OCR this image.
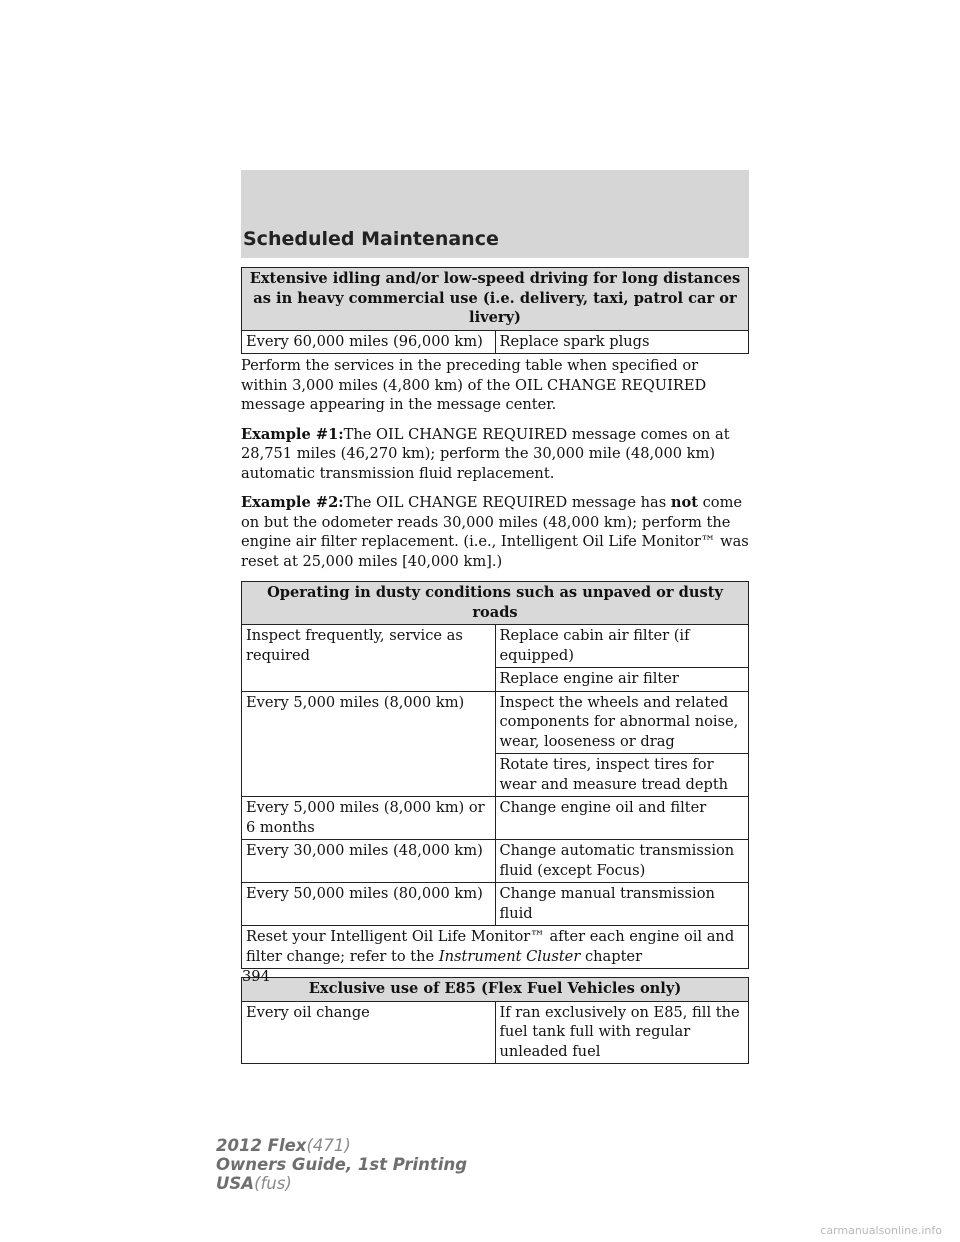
Scheduled Maintenance
Extensive idling and/or low-speed driving for long distances as in heavy commercial use (i.e. delivery, taxi, patrol car or livery)
Every 60,000 miles (96,000 km)	Replace spark plugs

Perform the services in the preceding table when specified or within 3,000 miles (4,800 km) of the OIL CHANGE REQUIRED message appearing in the message center.

Example #1:The OIL CHANGE REQUIRED message comes on at 28,751 miles (46,270 km); perform the 30,000 mile (48,000 km) automatic transmission fluid replacement.

Example #2:The OIL CHANGE REQUIRED message has not come on but the odometer reads 30,000 miles (48,000 km); perform the engine air filter replacement. (i.e., Intelligent Oil Life Monitor™ was reset at 25,000 miles [40,000 km].)

Operating in dusty conditions such as unpaved or dusty roads	
Inspect frequently, service as required	Replace cabin air filter (if equipped)
	Replace engine air filter
Every 5,000 miles (8,000 km)	Inspect the wheels and related components for abnormal noise, wear, looseness or drag
	Rotate tires, inspect tires for wear and measure tread depth
Every 5,000 miles (8,000 km) or 6 months	Change engine oil and filter
Every 30,000 miles (48,000 km)	Change automatic transmission fluid (except Focus)
Every 50,000 miles (80,000 km)	Change manual transmission fluid
Reset your Intelligent Oil Life Monitor™ after each engine oil and filter change; refer to the Instrument Cluster chapter	
Exclusive use of E85 (Flex Fuel Vehicles only)
Every oil change	If ran exclusively on E85, fill the fuel tank full with regular unleaded fuel
394
2012 Flex(471)
Owners Guide, 1st Printing
USA(fus)
carmanualsonline.info
